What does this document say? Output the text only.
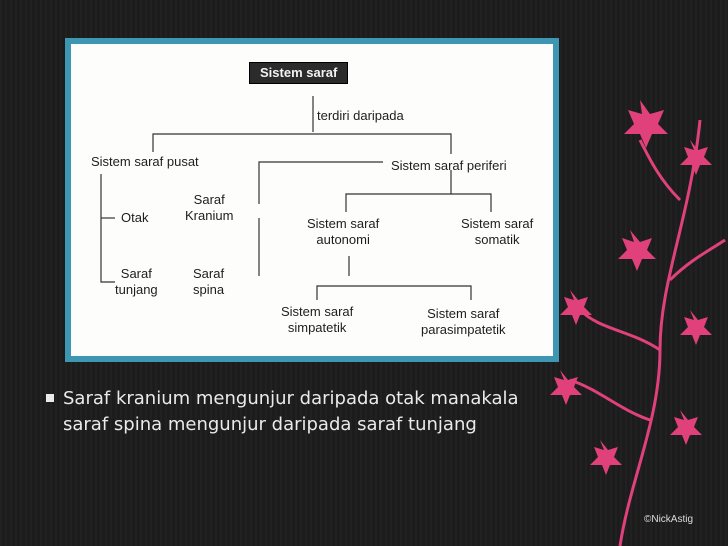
Sistem saraf
terdiri daripada
Sistem saraf pusat	Sistem saraf periferi
Otak
Saraf
Kranium
Saraf
tunjang
Saraf
spina
Sistem saraf
autonomi
Sistem saraf
somatik
Sistem saraf
simpatetik
Sistem saraf
parasimpatetik
Saraf kranium mengunjur daripada otak manakala
saraf spina mengunjur daripada saraf tunjang
©NickAstig
